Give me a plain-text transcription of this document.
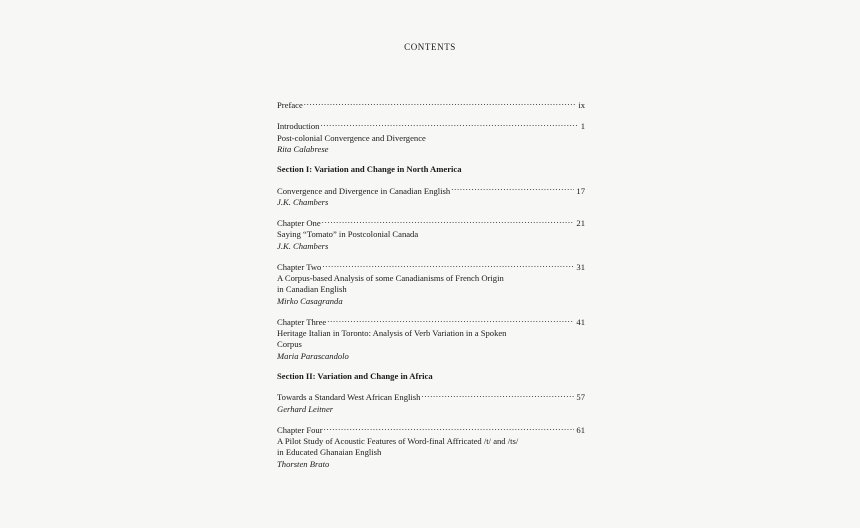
contents
Preface . . .	ix
Introduction . . .	1
Post-colonial Convergence and Divergence
Rita Calabrese
Section I: Variation and Change in North America
Convergence and Divergence in Canadian English . . .	17
J.K. Chambers
Chapter One . . .	21
Saying “Tomato” in Postcolonial Canada
J.K. Chambers
Chapter Two . . .	31
A Corpus-based Analysis of some Canadianisms of French Origin
in Canadian English
Mirko Casagranda
Chapter Three . . .	41
Heritage Italian in Toronto: Analysis of Verb Variation in a Spoken
Corpus
Maria Parascandolo
Section II: Variation and Change in Africa
Towards a Standard West African English . . .	57
Gerhard Leitner
Chapter Four . . .	61
A Pilot Study of Acoustic Features of Word-final Affricated /t/ and /ts/
in Educated Ghanaian English
Thorsten Brato
